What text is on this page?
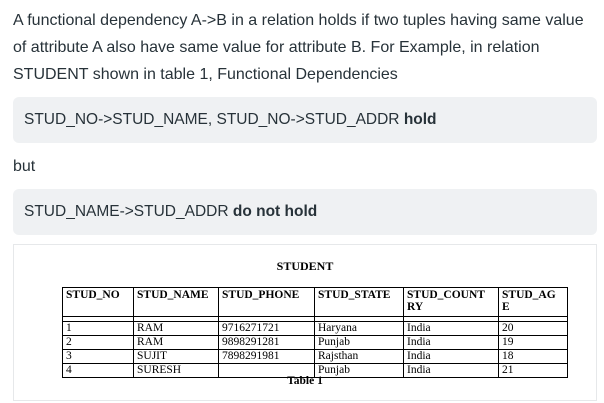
A functional dependency A->B in a relation holds if two tuples having same value of attribute A also have same value for attribute B. For Example, in relation STUDENT shown in table 1, Functional Dependencies

STUD_NO->STUD_NAME, STUD_NO->STUD_ADDR hold

but

STUD_NAME->STUD_ADDR do not hold
STUDENT
STUD_NO	STUD_NAME	STUD_PHONE	STUD_STATE	STUD_COUNT RY	STUD_AG E

1	RAM	9716271721	Haryana	India	20
2	RAM	9898291281	Punjab	India	19
3	SUJIT	7898291981	Rajsthan	India	18
4	SURESH		Punjab	India	21
Table 1
